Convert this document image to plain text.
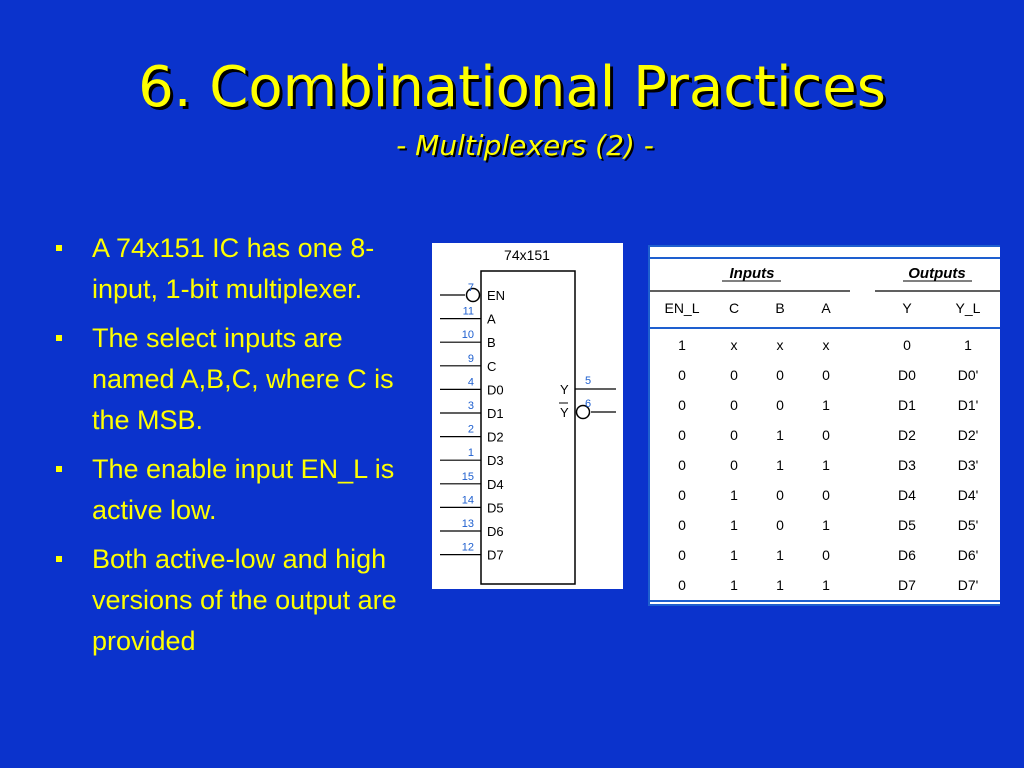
6. Combinational Practices
- Multiplexers (2) -
A 74x151 IC has one 8-input, 1-bit multiplexer.
The select inputs are named A,B,C, where C is the MSB.
The enable input EN_L is active low.
Both active-low and high versions of the output are provided
74x151
7 EN
11 A
10 B
9 C
4 D0
3 D1
2 D2
1 D3
15 D4
14 D5
13 D6
12 D7
5
Y
6
Y
Inputs	Outputs
EN_L C	B	A	Y	Y_L
1	x	x	x	0	1
0	0	0	0	D0	D0'
0	0	0	1	D1	D1'
0	0	1	0	D2	D2'
0	0	1	1	D3	D3'
0	1	0	0	D4	D4'
0	1	0	1	D5	D5'
0	1	1	0	D6	D6'
0	1	1	1	D7	D7'
